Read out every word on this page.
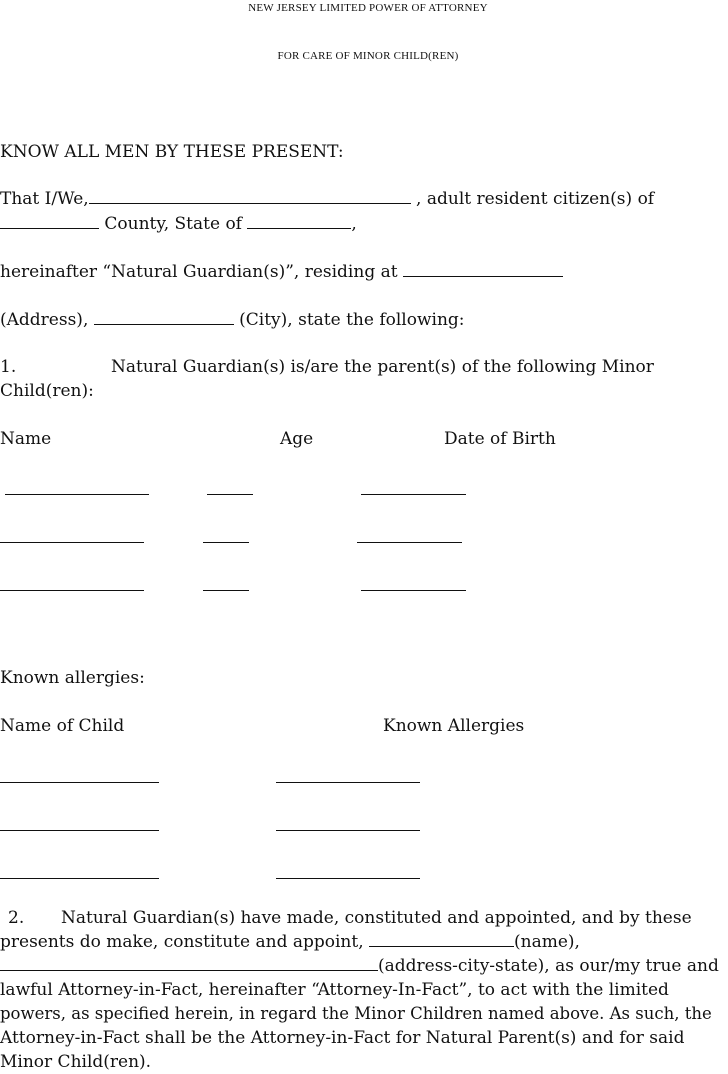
NEW JERSEY LIMITED POWER OF ATTORNEY
FOR CARE OF MINOR CHILD(REN)
KNOW ALL MEN BY THESE PRESENT:
That I/We,	, adult resident citizen(s) of
County, State of	,
hereinafter “Natural Guardian(s)”, residing at
(Address),	(City), state the following:
1.	Natural Guardian(s) is/are the parent(s) of the following Minor
Child(ren):
Name	Age	Date of Birth
Known allergies:
Name of Child	Known Allergies
2. Natural Guardian(s) have made, constituted and appointed, and by these
presents do make, constitute and appoint,	(name),
(address-city-state), as our/my true and
lawful Attorney-in-Fact, hereinafter “Attorney-In-Fact”, to act with the limited
powers, as specified herein, in regard the Minor Children named above. As such, the
Attorney-in-Fact shall be the Attorney-in-Fact for Natural Parent(s) and for said
Minor Child(ren).
